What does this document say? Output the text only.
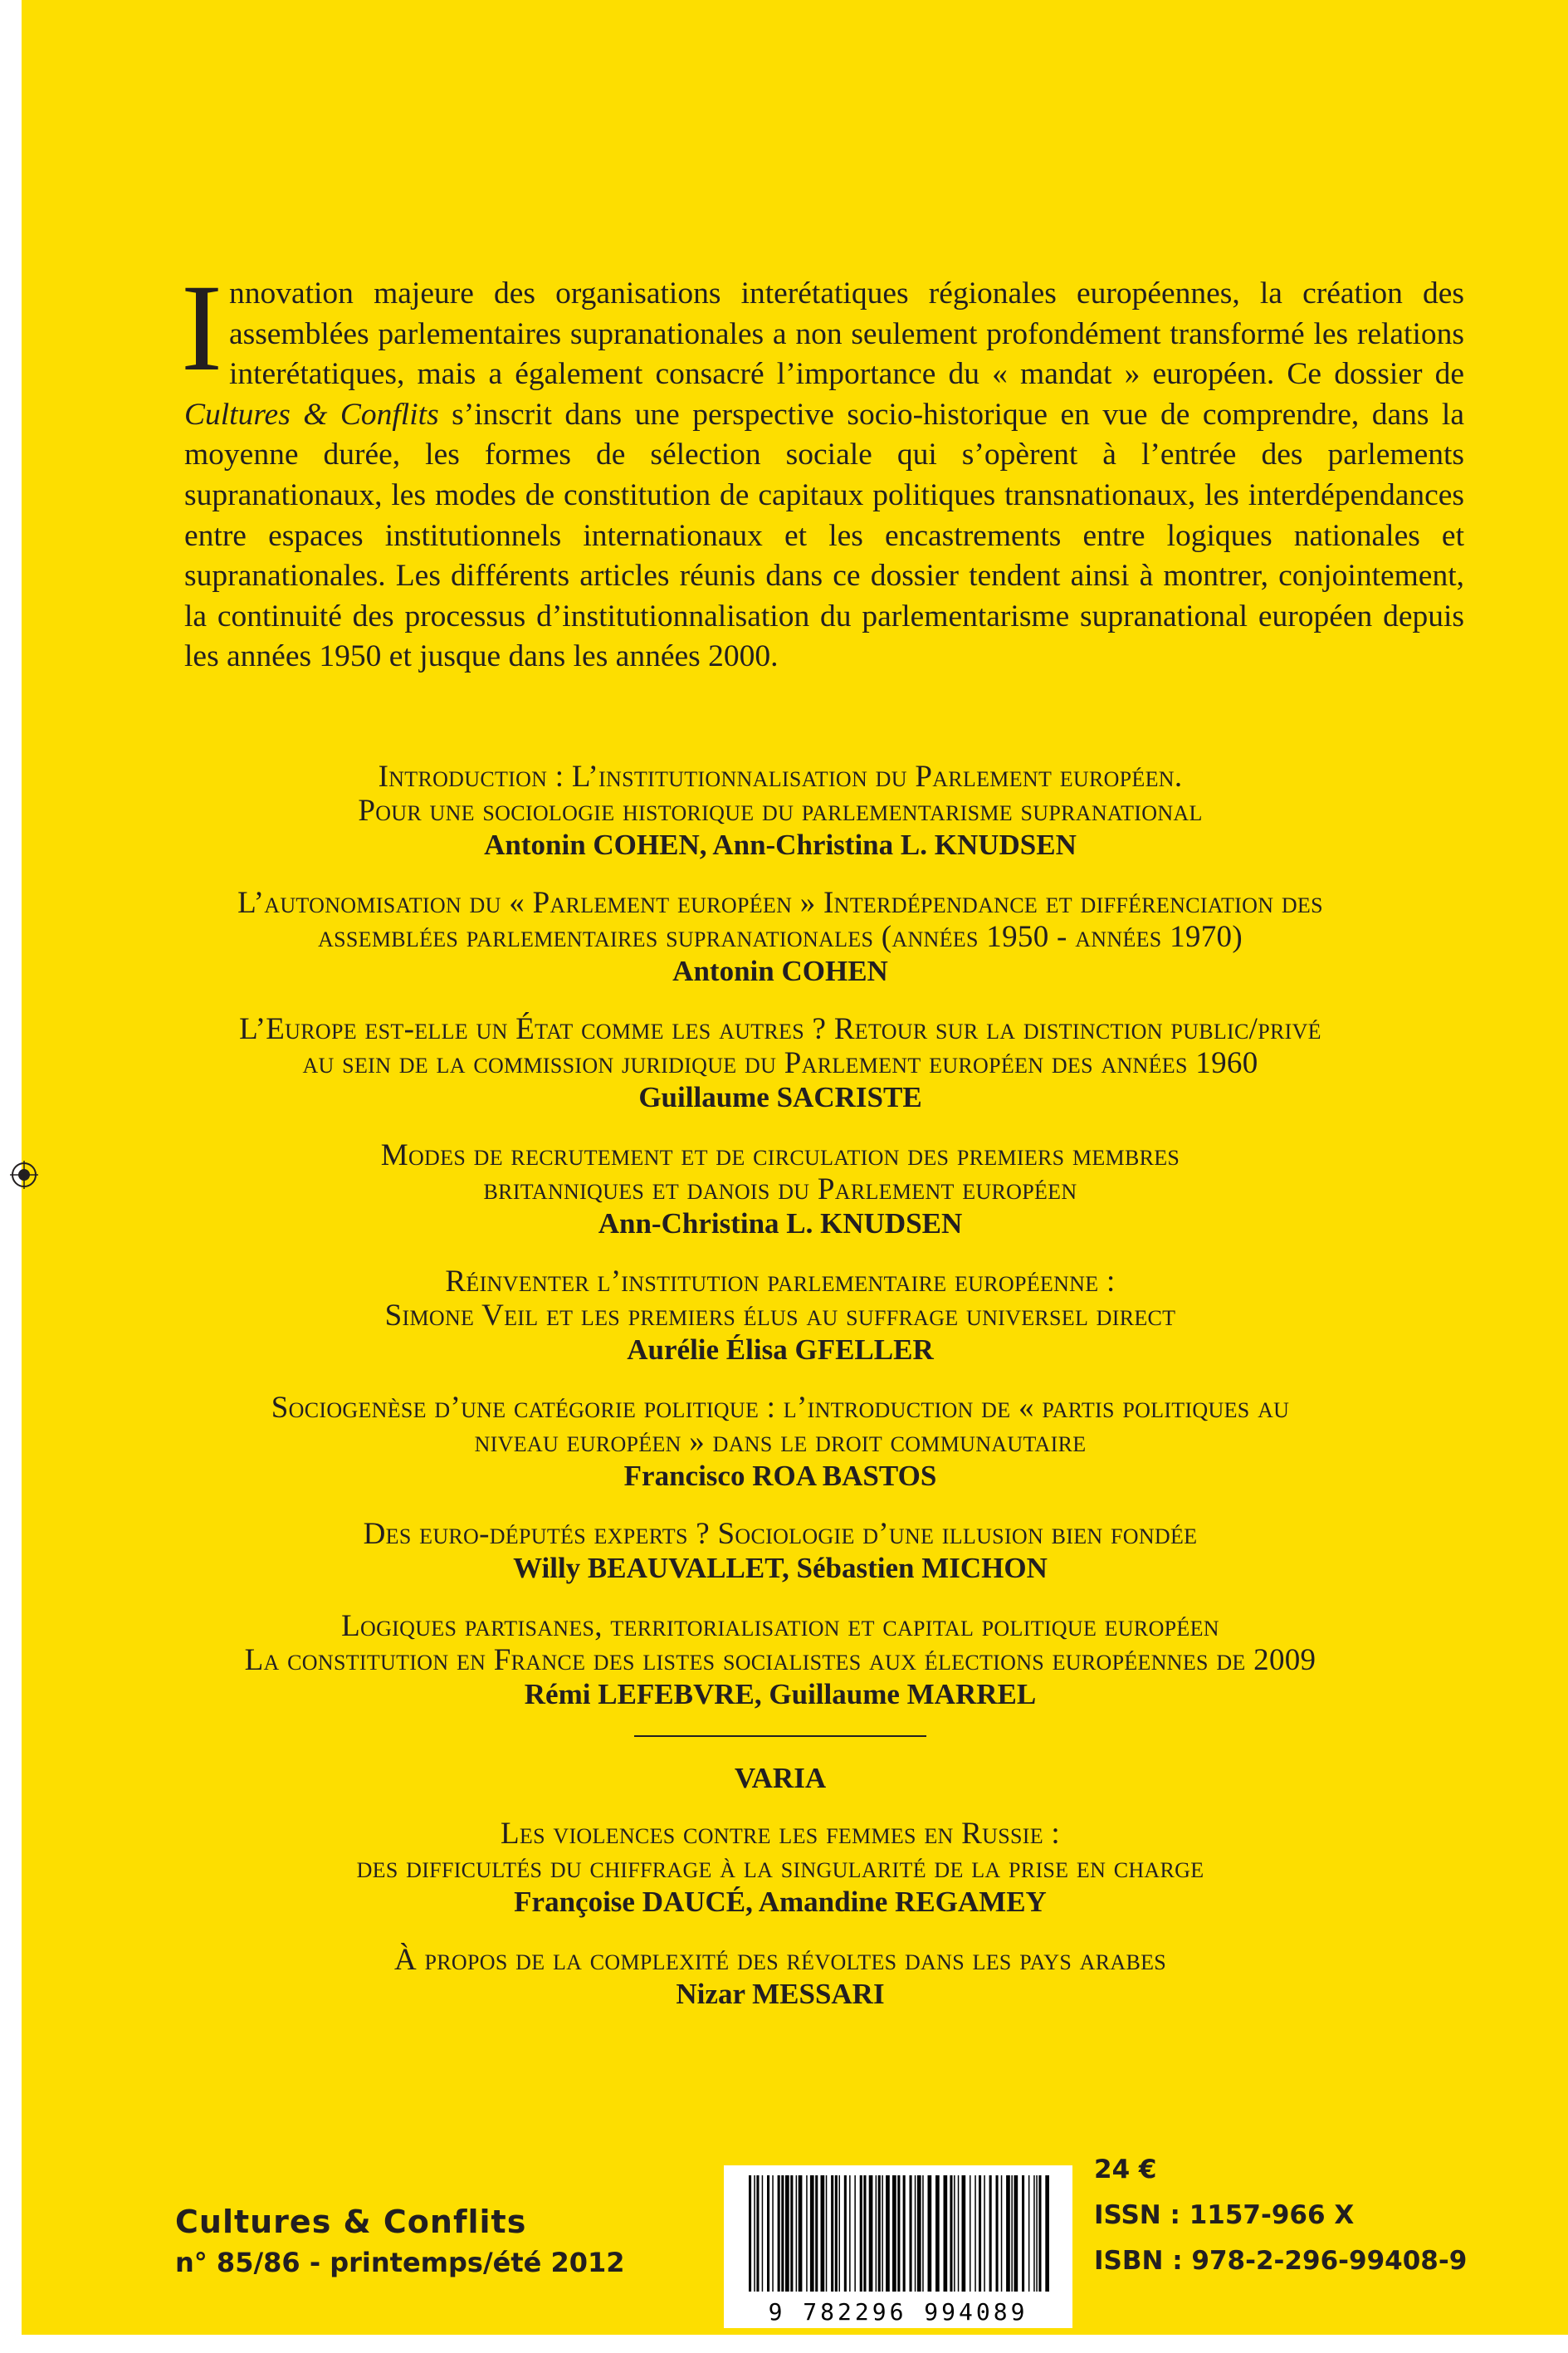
Innovation majeure des organisations interétatiques régionales européennes, la création des assemblées parlementaires supranationales a non seulement profondément transformé les relations interétatiques, mais a également consacré l’importance du « mandat » européen. Ce dossier de Cultures & Conflits s’inscrit dans une perspective socio-historique en vue de comprendre, dans la moyenne durée, les formes de sélection sociale qui s’opèrent à l’entrée des parlements supranationaux, les modes de constitution de capitaux politiques transnationaux, les interdépendances entre espaces institutionnels internationaux et les encastrements entre logiques nationales et supranationales. Les différents articles réunis dans ce dossier tendent ainsi à montrer, conjointement, la continuité des processus d’institutionnalisation du parlementarisme supranational européen depuis les années 1950 et jusque dans les années 2000.
Introduction : L’institutionnalisation du Parlement européen.
Pour une sociologie historique du parlementarisme supranational
Antonin COHEN, Ann-Christina L. KNUDSEN
L’autonomisation du « Parlement européen » Interdépendance et différenciation des
assemblées parlementaires supranationales (années 1950 - années 1970)
Antonin COHEN
L’Europe est-elle un État comme les autres ? Retour sur la distinction public/privé
au sein de la commission juridique du Parlement européen des années 1960
Guillaume SACRISTE
Modes de recrutement et de circulation des premiers membres
britanniques et danois du Parlement européen
Ann-Christina L. KNUDSEN
Réinventer l’institution parlementaire européenne :
Simone Veil et les premiers élus au suffrage universel direct
Aurélie Élisa GFELLER
Sociogenèse d’une catégorie politique : l’introduction de « partis politiques au
niveau européen » dans le droit communautaire
Francisco ROA BASTOS
Des euro-députés experts ? Sociologie d’une illusion bien fondée
Willy BEAUVALLET, Sébastien MICHON
Logiques partisanes, territorialisation et capital politique européen
La constitution en France des listes socialistes aux élections européennes de 2009
Rémi LEFEBVRE, Guillaume MARREL
VARIA
Les violences contre les femmes en Russie :
des difficultés du chiffrage à la singularité de la prise en charge
Françoise DAUCÉ, Amandine REGAMEY
À propos de la complexité des révoltes dans les pays arabes
Nizar MESSARI
Cultures & Conflits
n° 85/86 - printemps/été 2012
9 782296 994089
24 €
ISSN : 1157-966 X
ISBN : 978-2-296-99408-9
